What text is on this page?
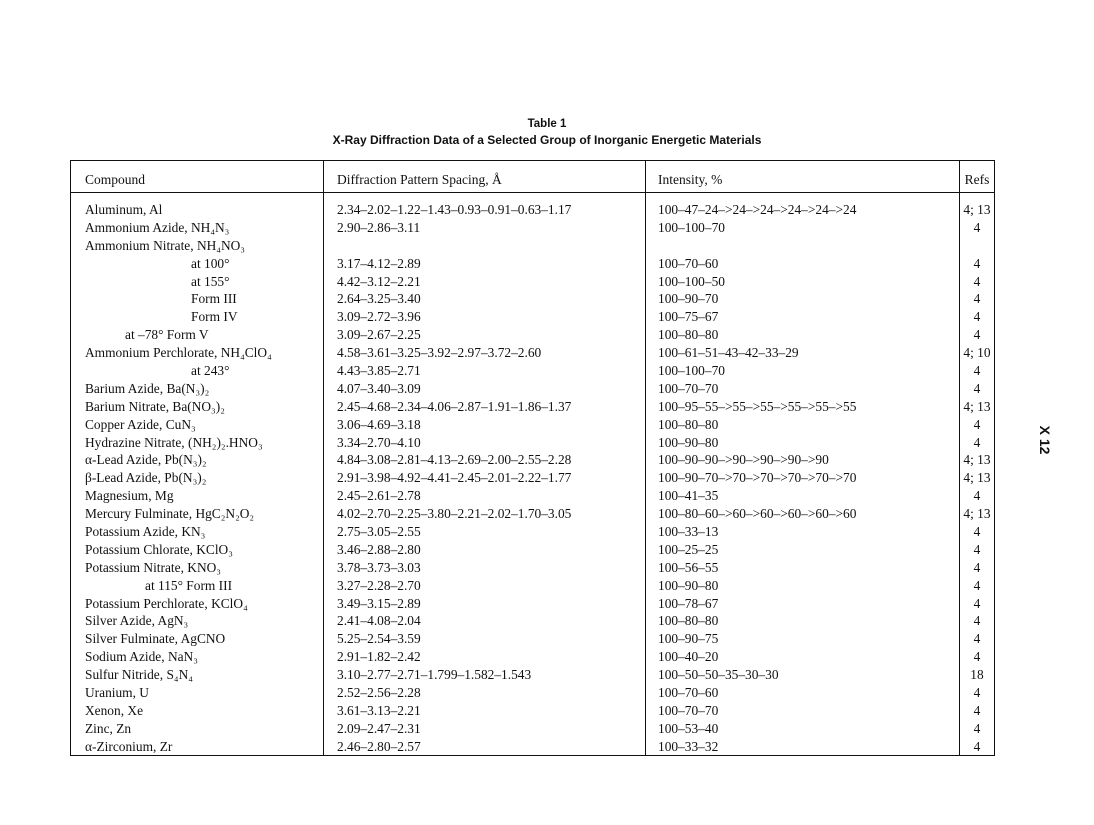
Table 1
X-Ray Diffraction Data of a Selected Group of Inorganic Energetic Materials
Compound	Diffraction Pattern Spacing, Å	Intensity, %	Refs
Aluminum, Al	2.34–2.02–1.22–1.43–0.93–0.91–0.63–1.17	100–47–24–>24–>24–>24–>24–>24	4; 13
Ammonium Azide, NH₄N₃	2.90–2.86–3.11	100–100–70	4
Ammonium Nitrate, NH₄NO₃
at 100°	3.17–4.12–2.89	100–70–60	4
at 155°	4.42–3.12–2.21	100–100–50	4
Form III	2.64–3.25–3.40	100–90–70	4
Form IV	3.09–2.72–3.96	100–75–67	4
at –78° Form V	3.09–2.67–2.25	100–80–80	4
Ammonium Perchlorate, NH₄ClO₄	4.58–3.61–3.25–3.92–2.97–3.72–2.60	100–61–51–43–42–33–29	4; 10
at 243°	4.43–3.85–2.71	100–100–70	4
Barium Azide, Ba(N₃)₂	4.07–3.40–3.09	100–70–70	4
Barium Nitrate, Ba(NO₃)₂	2.45–4.68–2.34–4.06–2.87–1.91–1.86–1.37	100–95–55–>55–>55–>55–>55–>55	4; 13
Copper Azide, CuN₃	3.06–4.69–3.18	100–80–80	4
Hydrazine Nitrate, (NH₂)₂.HNO₃	3.34–2.70–4.10	100–90–80	4
α-Lead Azide, Pb(N₃)₂	4.84–3.08–2.81–4.13–2.69–2.00–2.55–2.28	100–90–90–>90–>90–>90–>90	4; 13
β-Lead Azide, Pb(N₃)₂	2.91–3.98–4.92–4.41–2.45–2.01–2.22–1.77	100–90–70–>70–>70–>70–>70–>70	4; 13
Magnesium, Mg	2.45–2.61–2.78	100–41–35	4
Mercury Fulminate, HgC₂N₂O₂	4.02–2.70–2.25–3.80–2.21–2.02–1.70–3.05	100–80–60–>60–>60–>60–>60–>60	4; 13
Potassium Azide, KN₃	2.75–3.05–2.55	100–33–13	4
Potassium Chlorate, KClO₃	3.46–2.88–2.80	100–25–25	4
Potassium Nitrate, KNO₃	3.78–3.73–3.03	100–56–55	4
at 115° Form III	3.27–2.28–2.70	100–90–80	4
Potassium Perchlorate, KClO₄	3.49–3.15–2.89	100–78–67	4
Silver Azide, AgN₃	2.41–4.08–2.04	100–80–80	4
Silver Fulminate, AgCNO	5.25–2.54–3.59	100–90–75	4
Sodium Azide, NaN₃	2.91–1.82–2.42	100–40–20	4
Sulfur Nitride, S₄N₄	3.10–2.77–2.71–1.799–1.582–1.543	100–50–50–35–30–30	18
Uranium, U	2.52–2.56–2.28	100–70–60	4
Xenon, Xe	3.61–3.13–2.21	100–70–70	4
Zinc, Zn	2.09–2.47–2.31	100–53–40	4
α-Zirconium, Zr	2.46–2.80–2.57	100–33–32	4
X 12
